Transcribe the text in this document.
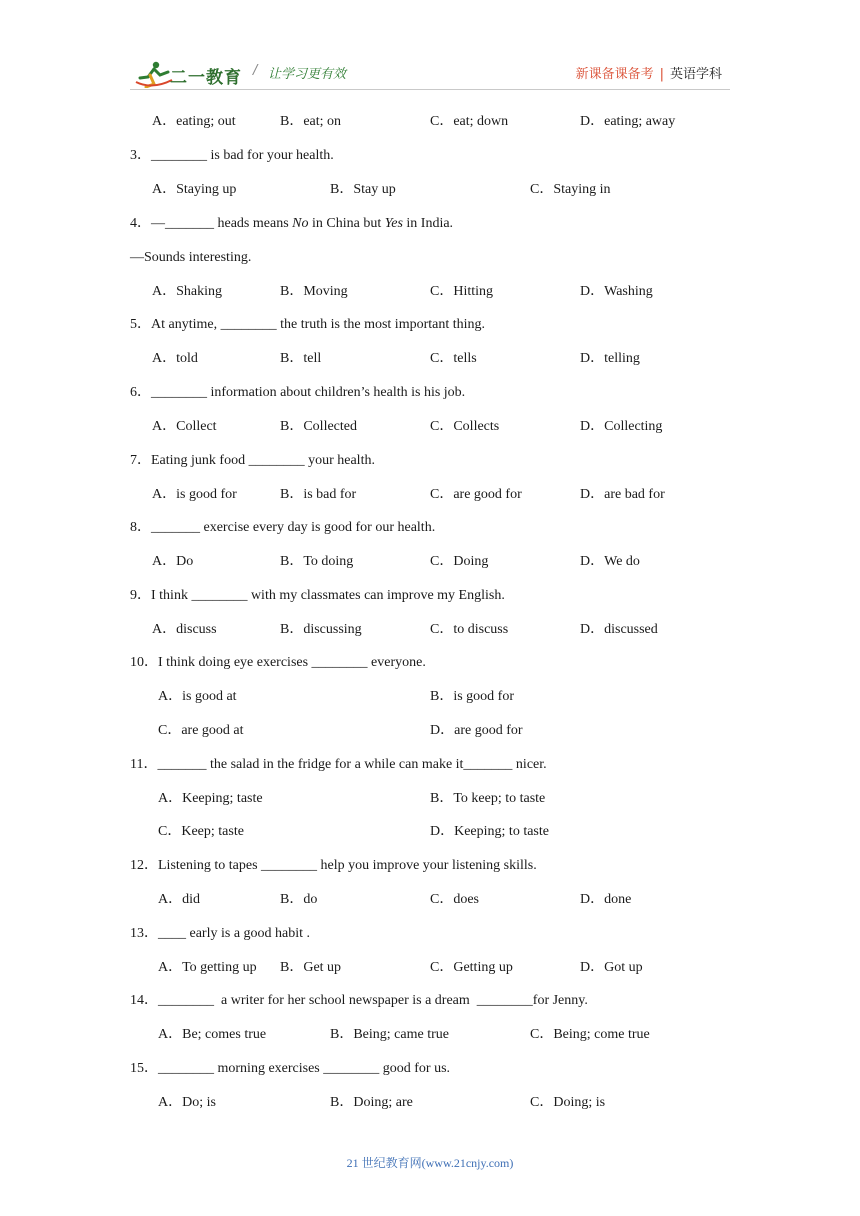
二一教育 / 让学习更有效	新课备课备考 | 英语学科
A．eating; out	B．eat; on	C．eat; down	D．eating; away
3．________ is bad for your health.
A．Staying up	B．Stay up	C．Staying in
4．—_______ heads means No in China but Yes in India.
—Sounds interesting.
A．Shaking	B．Moving	C．Hitting	D．Washing
5．At anytime, ________ the truth is the most important thing.
A．told	B．tell	C．tells	D．telling
6．________ information about children’s health is his job.
A．Collect	B．Collected	C．Collects	D．Collecting
7．Eating junk food ________ your health.
A．is good for	B．is bad for	C．are good for	D．are bad for
8．_______ exercise every day is good for our health.
A．Do	B．To doing	C．Doing	D．We do
9．I think ________ with my classmates can improve my English.
A．discuss	B．discussing	C．to discuss	D．discussed
10．I think doing eye exercises ________ everyone.
A．is good at	B．is good for
C．are good at	D．are good for
11．_______ the salad in the fridge for a while can make it_______ nicer.
A．Keeping; taste	B．To keep; to taste
C．Keep; taste	D．Keeping; to taste
12．Listening to tapes ________ help you improve your listening skills.
A．did	B．do	C．does	D．done
13．____ early is a good habit .
A．To getting up B．Get up	C．Getting up	D．Got up
14．________  a writer for her school newspaper is a dream  ________for Jenny.
A．Be; comes true	B．Being; came true	C．Being; come true
15．________ morning exercises ________ good for us.
A．Do; is	B．Doing; are	C．Doing; is
21 世纪教育网(www.21cnjy.com)
